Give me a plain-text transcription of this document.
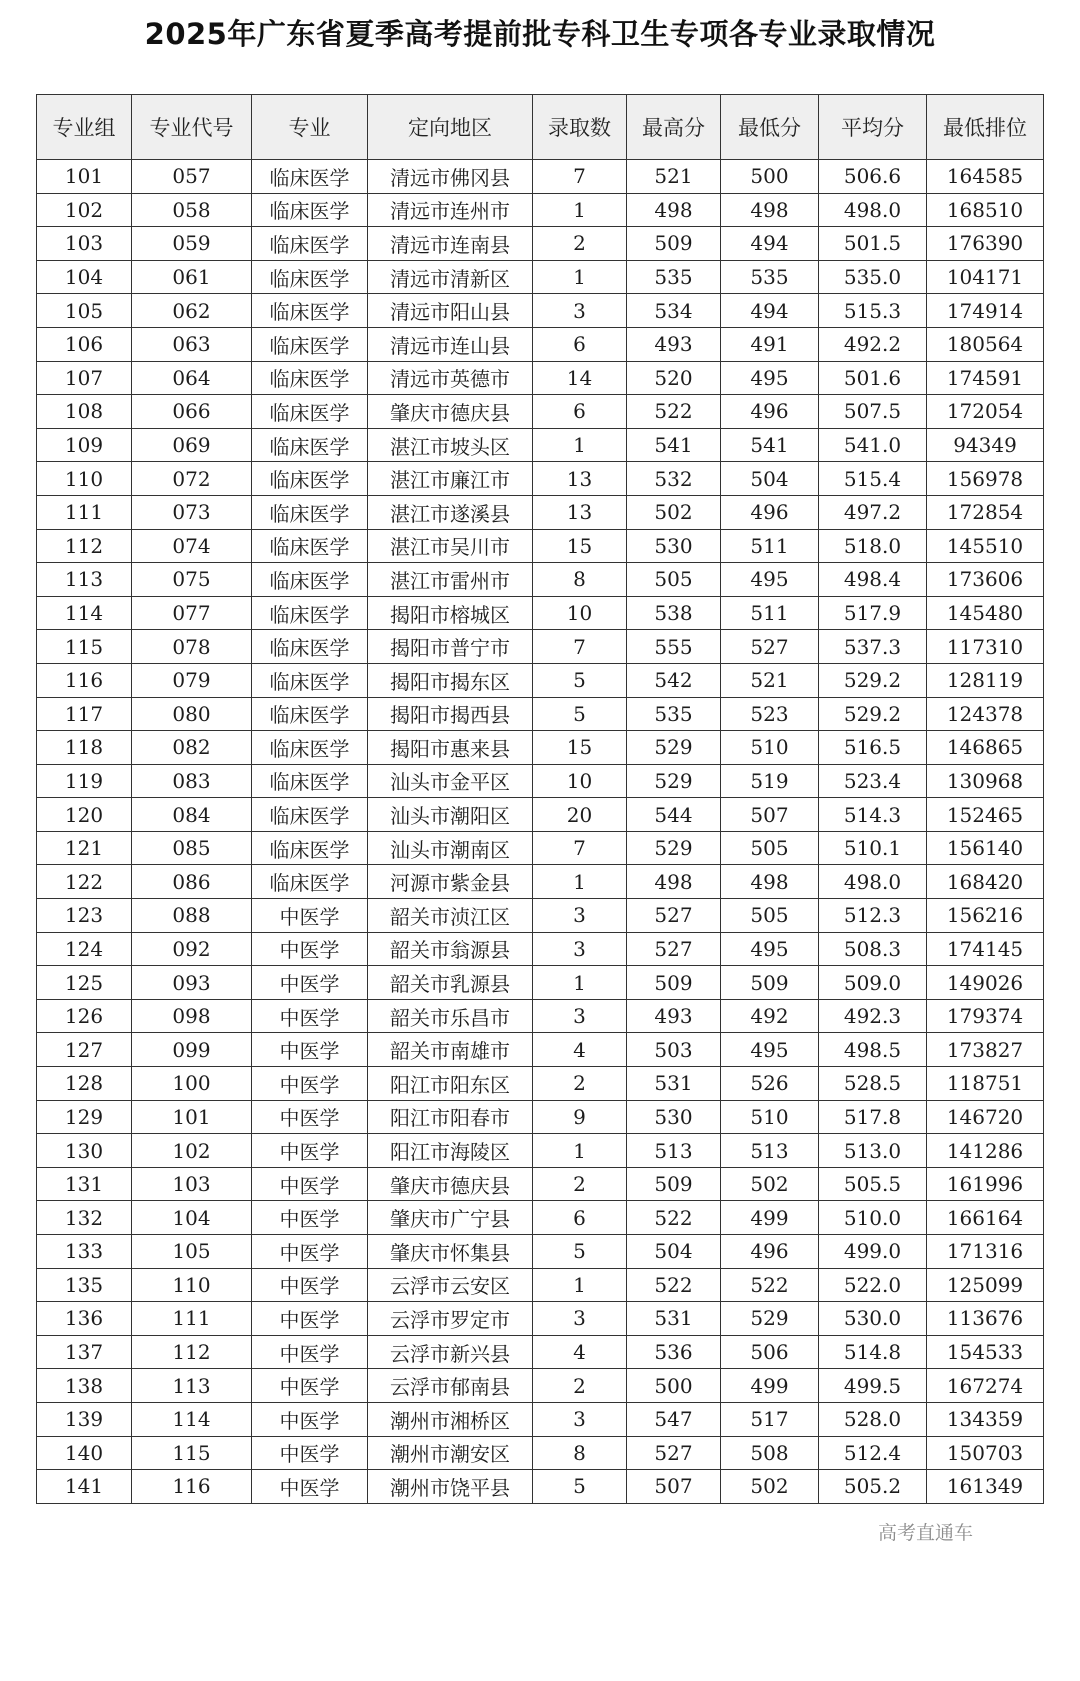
2025年广东省夏季高考提前批专科卫生专项各专业录取情况
专业组	专业代号	专业	定向地区	录取数	最高分	最低分	平均分	最低排位
101	057	临床医学	清远市佛冈县	7	521	500	506.6	164585
102	058	临床医学	清远市连州市	1	498	498	498.0	168510
103	059	临床医学	清远市连南县	2	509	494	501.5	176390
104	061	临床医学	清远市清新区	1	535	535	535.0	104171
105	062	临床医学	清远市阳山县	3	534	494	515.3	174914
106	063	临床医学	清远市连山县	6	493	491	492.2	180564
107	064	临床医学	清远市英德市	14	520	495	501.6	174591
108	066	临床医学	肇庆市德庆县	6	522	496	507.5	172054
109	069	临床医学	湛江市坡头区	1	541	541	541.0	94349
110	072	临床医学	湛江市廉江市	13	532	504	515.4	156978
111	073	临床医学	湛江市遂溪县	13	502	496	497.2	172854
112	074	临床医学	湛江市吴川市	15	530	511	518.0	145510
113	075	临床医学	湛江市雷州市	8	505	495	498.4	173606
114	077	临床医学	揭阳市榕城区	10	538	511	517.9	145480
115	078	临床医学	揭阳市普宁市	7	555	527	537.3	117310
116	079	临床医学	揭阳市揭东区	5	542	521	529.2	128119
117	080	临床医学	揭阳市揭西县	5	535	523	529.2	124378
118	082	临床医学	揭阳市惠来县	15	529	510	516.5	146865
119	083	临床医学	汕头市金平区	10	529	519	523.4	130968
120	084	临床医学	汕头市潮阳区	20	544	507	514.3	152465
121	085	临床医学	汕头市潮南区	7	529	505	510.1	156140
122	086	临床医学	河源市紫金县	1	498	498	498.0	168420
123	088	中医学	韶关市浈江区	3	527	505	512.3	156216
124	092	中医学	韶关市翁源县	3	527	495	508.3	174145
125	093	中医学	韶关市乳源县	1	509	509	509.0	149026
126	098	中医学	韶关市乐昌市	3	493	492	492.3	179374
127	099	中医学	韶关市南雄市	4	503	495	498.5	173827
128	100	中医学	阳江市阳东区	2	531	526	528.5	118751
129	101	中医学	阳江市阳春市	9	530	510	517.8	146720
130	102	中医学	阳江市海陵区	1	513	513	513.0	141286
131	103	中医学	肇庆市德庆县	2	509	502	505.5	161996
132	104	中医学	肇庆市广宁县	6	522	499	510.0	166164
133	105	中医学	肇庆市怀集县	5	504	496	499.0	171316
135	110	中医学	云浮市云安区	1	522	522	522.0	125099
136	111	中医学	云浮市罗定市	3	531	529	530.0	113676
137	112	中医学	云浮市新兴县	4	536	506	514.8	154533
138	113	中医学	云浮市郁南县	2	500	499	499.5	167274
139	114	中医学	潮州市湘桥区	3	547	517	528.0	134359
140	115	中医学	潮州市潮安区	8	527	508	512.4	150703
141	116	中医学	潮州市饶平县	5	507	502	505.2	161349
高考直通车
